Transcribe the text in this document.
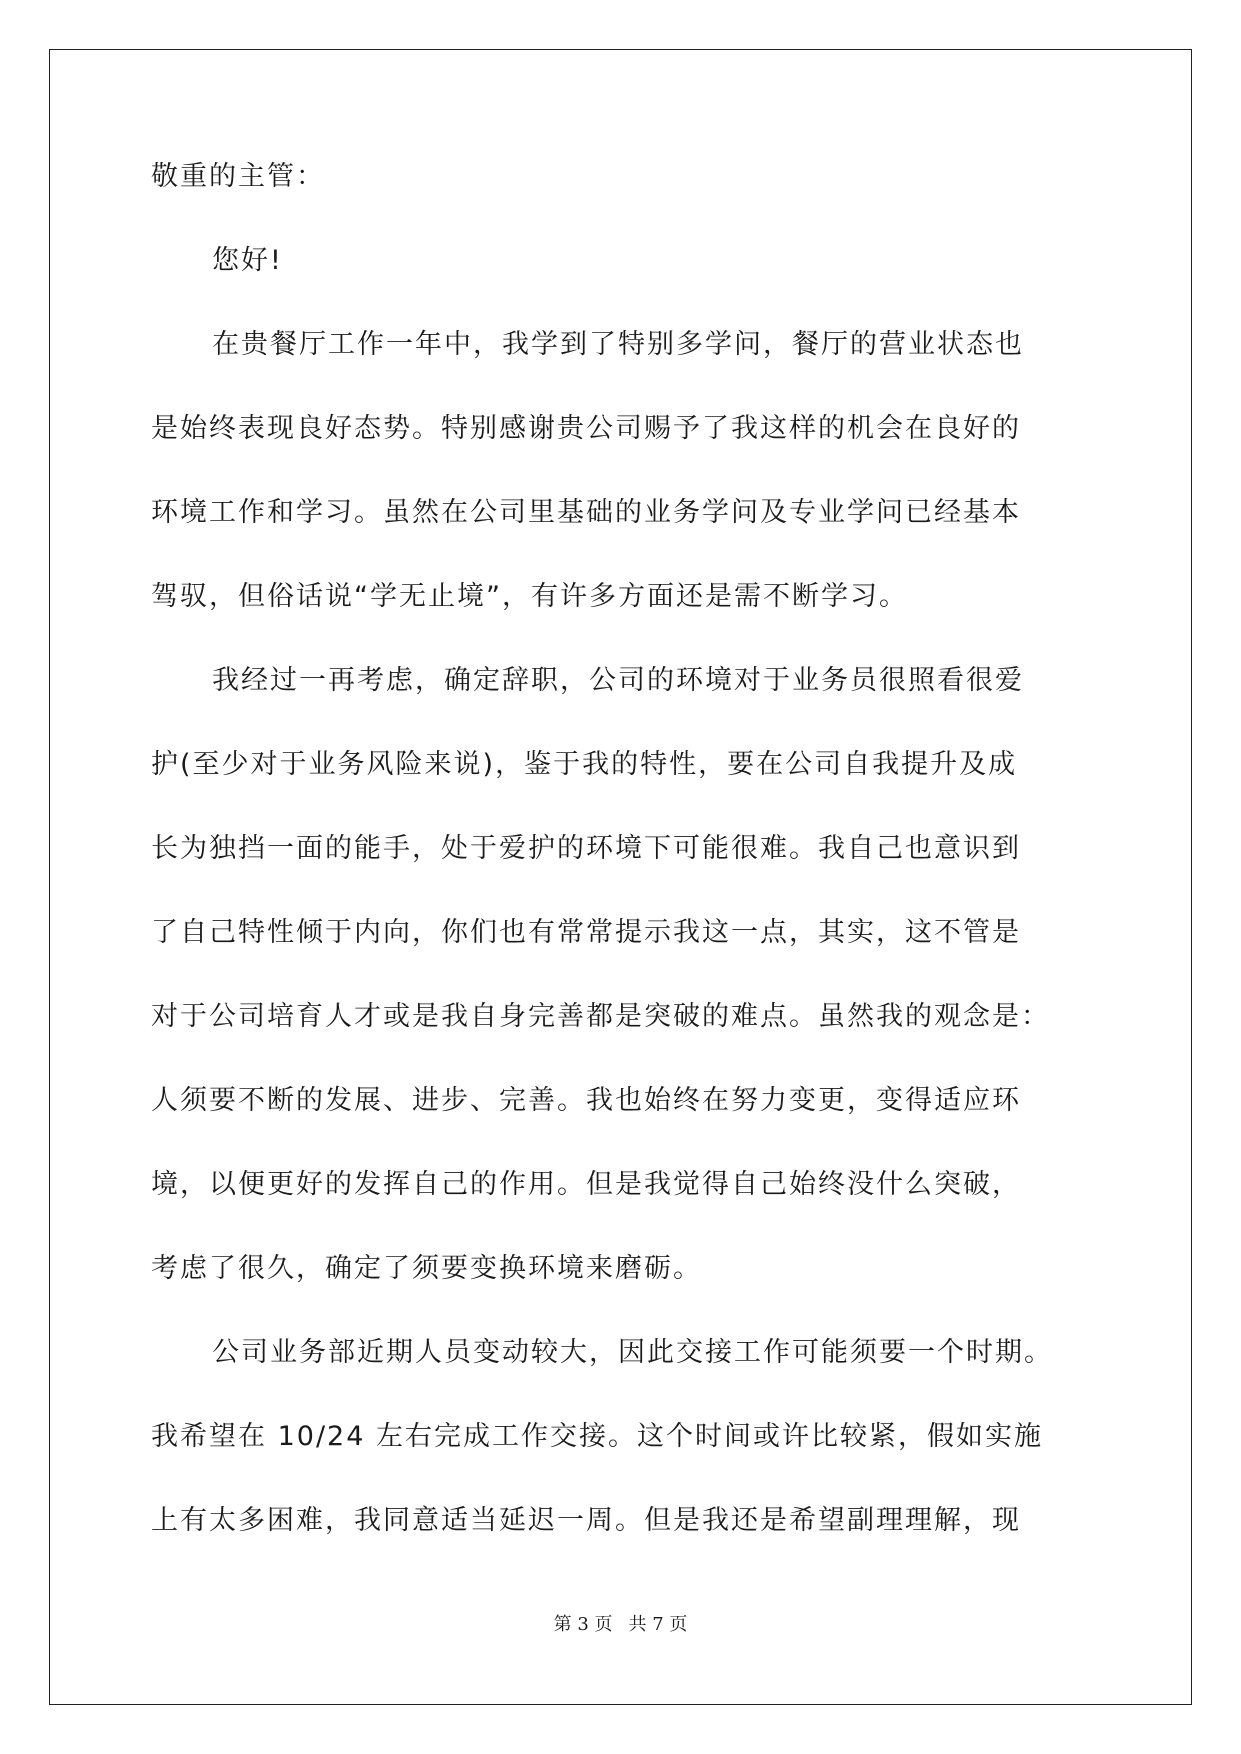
敬重的主管：
您好!
在贵餐厅工作一年中，我学到了特别多学问，餐厅的营业状态也
是始终表现良好态势。特别感谢贵公司赐予了我这样的机会在良好的
环境工作和学习。虽然在公司里基础的业务学问及专业学问已经基本
驾驭，但俗话说“学无止境”，有许多方面还是需不断学习。
我经过一再考虑，确定辞职，公司的环境对于业务员很照看很爱
护(至少对于业务风险来说)，鉴于我的特性，要在公司自我提升及成
长为独挡一面的能手，处于爱护的环境下可能很难。我自己也意识到
了自己特性倾于内向，你们也有常常提示我这一点，其实，这不管是
对于公司培育人才或是我自身完善都是突破的难点。虽然我的观念是：
人须要不断的发展、进步、完善。我也始终在努力变更，变得适应环
境，以便更好的发挥自己的作用。但是我觉得自己始终没什么突破，
考虑了很久，确定了须要变换环境来磨砺。
公司业务部近期人员变动较大，因此交接工作可能须要一个时期。
我希望在 10/24 左右完成工作交接。这个时间或许比较紧，假如实施
上有太多困难，我同意适当延迟一周。但是我还是希望副理理解，现
第 3 页 共 7 页
